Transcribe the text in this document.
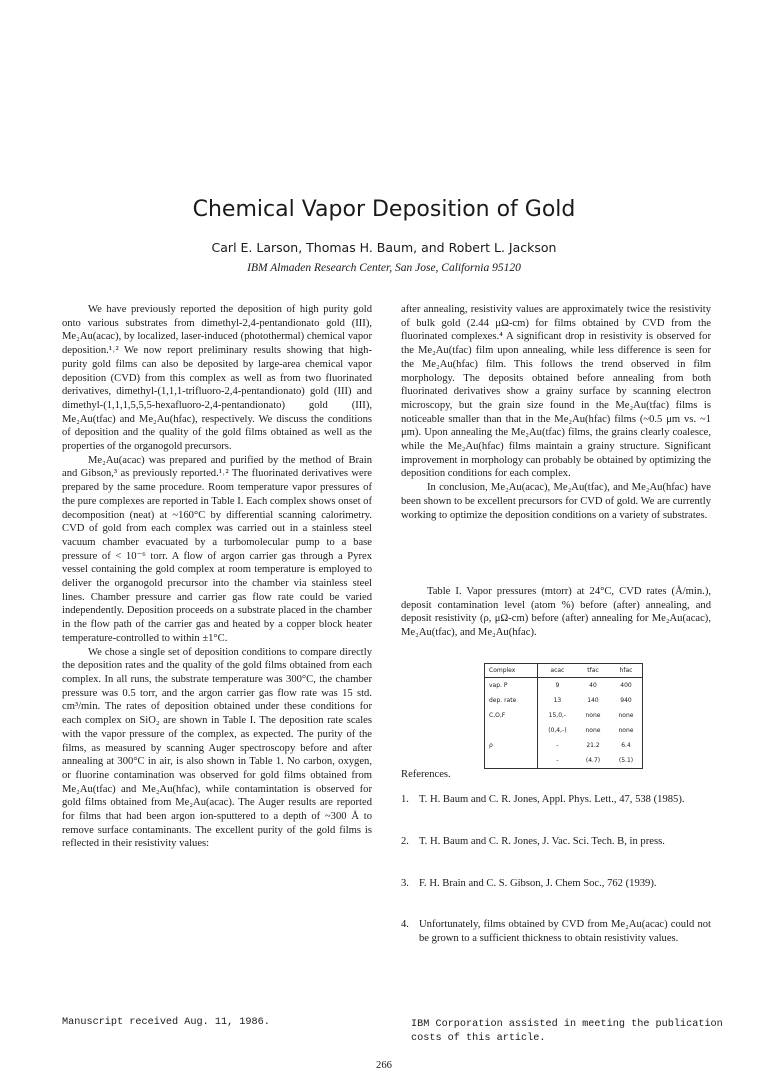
Chemical Vapor Deposition of Gold
Carl E. Larson, Thomas H. Baum, and Robert L. Jackson
IBM Almaden Research Center, San Jose, California 95120

We have previously reported the deposition of high purity gold onto various substrates from dimethyl-2,4-pentandionato gold (III), Me₂Au(acac), by localized, laser-induced (photothermal) chemical vapor deposition.¹˒² We now report preliminary results showing that high-purity gold films can also be deposited by large-area chemical vapor deposition (CVD) from this complex as well as from two fluorinated derivatives, dimethyl-(1,1,1-trifluoro-2,4-pentandionato) gold (III) and dimethyl-(1,1,1,5,5,5-hexafluoro-2,4-pentandionato) gold (III), Me₂Au(tfac) and Me₂Au(hfac), respectively. We discuss the conditions of deposition and the quality of the gold films obtained as well as the properties of the organogold precursors.

Me₂Au(acac) was prepared and purified by the method of Brain and Gibson,³ as previously reported.¹˒² The fluorinated derivatives were prepared by the same procedure. Room temperature vapor pressures of the pure complexes are reported in Table I. Each complex shows onset of decomposition (neat) at ~160°C by differential scanning calorimetry. CVD of gold from each complex was carried out in a stainless steel vacuum chamber evacuated by a turbomolecular pump to a base pressure of < 10⁻⁶ torr. A flow of argon carrier gas through a Pyrex vessel containing the gold complex at room temperature is employed to deliver the organogold precursor into the chamber via stainless steel lines. Chamber pressure and carrier gas flow rate could be varied independently. Deposition proceeds on a substrate placed in the chamber in the flow path of the carrier gas and heated by a copper block heater temperature-controlled to within ±1°C.

We chose a single set of deposition conditions to compare directly the deposition rates and the quality of the gold films obtained from each complex. In all runs, the substrate temperature was 300°C, the chamber pressure was 0.5 torr, and the argon carrier gas flow rate was 15 std. cm³/min. The rates of deposition obtained under these conditions for each complex on SiO₂ are shown in Table I. The deposition rate scales with the vapor pressure of the complex, as expected. The purity of the films, as measured by scanning Auger spectroscopy before and after annealing at 300°C in air, is also shown in Table 1. No carbon, oxygen, or fluorine contamination was observed for gold films obtained from Me₂Au(tfac) and Me₂Au(hfac), while contamintation is observed for gold films obtained from Me₂Au(acac). The Auger results are reported for films that had been argon ion-sputtered to a depth of ~300 Å to remove surface contaminants. The excellent purity of the gold films is reflected in their resistivity values:

after annealing, resistivity values are approximately twice the resistivity of bulk gold (2.44 μΩ-cm) for films obtained by CVD from the fluorinated complexes.⁴ A significant drop in resistivity is observed for the Me₂Au(tfac) film upon annealing, while less difference is seen for the Me₂Au(hfac) film. This follows the trend observed in film morphology. The deposits obtained before annealing from both fluorinated derivatives show a grainy surface by scanning electron microscopy, but the grain size found in the Me₂Au(tfac) films is noticeable smaller than that in the Me₂Au(hfac) films (~0.5 μm vs. ~1 μm). Upon annealing the Me₂Au(tfac) films, the grains clearly coalesce, while the Me₂Au(hfac) films maintain a grainy structure. Significant improvement in morphology can probably be obtained by optimizing the deposition conditions for each complex.

In conclusion, Me₂Au(acac), Me₂Au(tfac), and Me₂Au(hfac) have been shown to be excellent precursors for CVD of gold. We are currently working to optimize the deposition conditions on a variety of substrates.

Table I. Vapor pressures (mtorr) at 24°C, CVD rates (Å/min.), deposit contamination level (atom %) before (after) annealing, and deposit resistivity (ρ, μΩ-cm) before (after) annealing for Me₂Au(acac), Me₂Au(tfac), and Me₂Au(hfac).
Complex	acac	tfac	hfac
vap. P	9	40	400
dep. rate	13	140	940
C,O,F	15,0,-	none	none
	(0,4,-)	none	none
ρ	-	21.2	6.4
	-	(4.7)	(5.1)
References.
1. T. H. Baum and C. R. Jones, Appl. Phys. Lett., 47, 538 (1985).
2. T. H. Baum and C. R. Jones, J. Vac. Sci. Tech. B, in press.
3. F. H. Brain and C. S. Gibson, J. Chem Soc., 762 (1939).
4. Unfortunately, films obtained by CVD from Me₂Au(acac) could not be grown to a sufficient thickness to obtain resistivity values.
Manuscript received Aug. 11, 1986.	IBM Corporation assisted in meeting the publication costs of this article.
266
